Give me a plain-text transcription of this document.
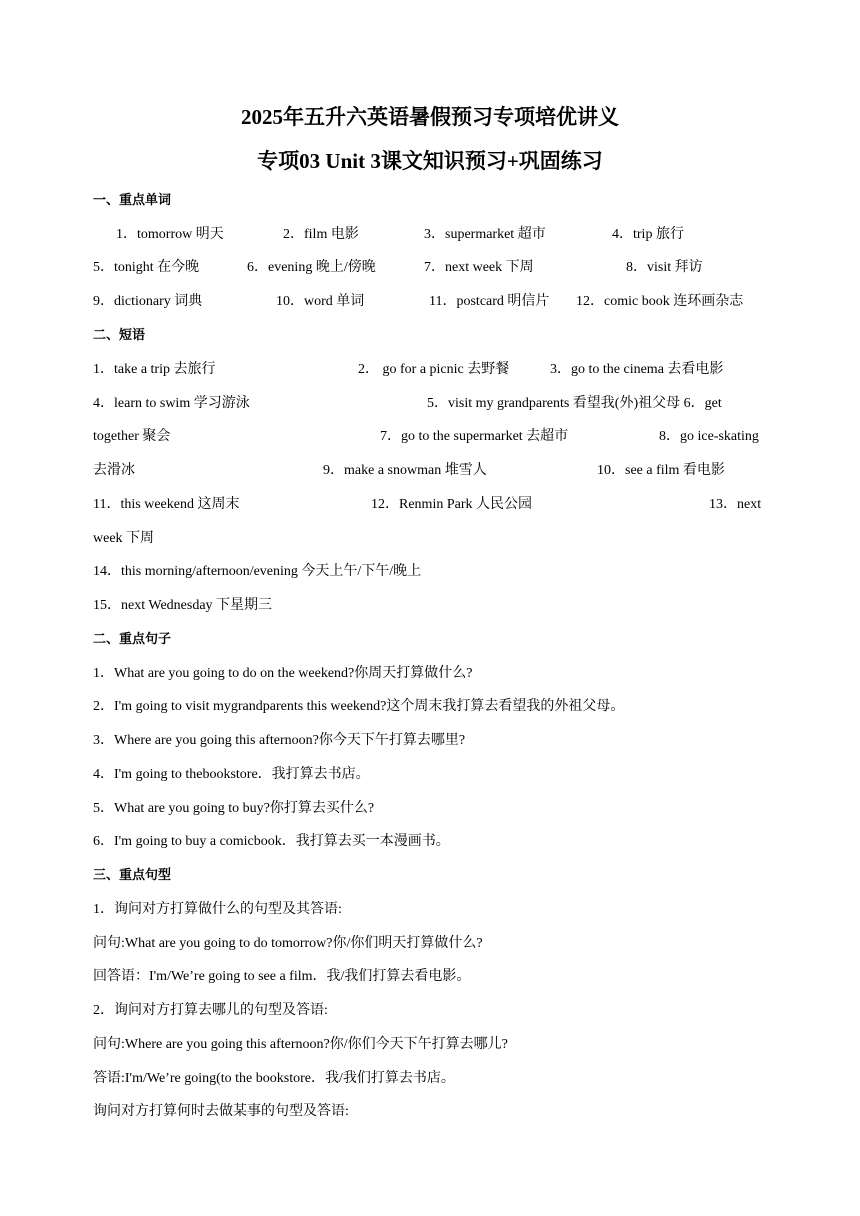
2025年五升六英语暑假预习专项培优讲义
专项03 Unit 3课文知识预习+巩固练习
一、重点单词
1．tomorrow 明天	2．film 电影	3．supermarket 超市	4．trip 旅行
5．tonight 在今晚	6．evening 晚上/傍晚	7．next week 下周	8．visit 拜访
9．dictionary 词典	10．word 单词	11．postcard 明信片 12．comic book 连环画杂志
二、短语
1．take a trip 去旅行	2． go for a picnic 去野餐	3．go to the cinema 去看电影
4．learn to swim 学习游泳	5．visit my grandparents 看望我(外)祖父母 6．get
together 聚会	7．go to the supermarket 去超市	8．go ice-skating
去滑冰	9．make a snowman 堆雪人	10．see a film 看电影
11．this weekend 这周末	12．Renmin Park 人民公园	13．next
week 下周
14．this morning/afternoon/evening 今天上午/下午/晚上
15．next Wednesday 下星期三
二、重点句子
1．What are you going to do on the weekend?你周天打算做什么?
2．I'm going to visit mygrandparents this weekend?这个周末我打算去看望我的外祖父母。
3．Where are you going this afternoon?你今天下午打算去哪里?
4．I'm going to thebookstore．我打算去书店。
5．What are you going to buy?你打算去买什么?
6．I'm going to buy a comicbook．我打算去买一本漫画书。
三、重点句型
1．询问对方打算做什么的句型及其答语:
问句:What are you going to do tomorrow?你/你们明天打算做什么?
回答语：I'm/We’re going to see a film．我/我们打算去看电影。
2．询问对方打算去哪儿的句型及答语:
问句:Where are you going this afternoon?你/你们今天下午打算去哪儿?
答语:I'm/We’re going(to the bookstore．我/我们打算去书店。
询问对方打算何时去做某事的句型及答语:
